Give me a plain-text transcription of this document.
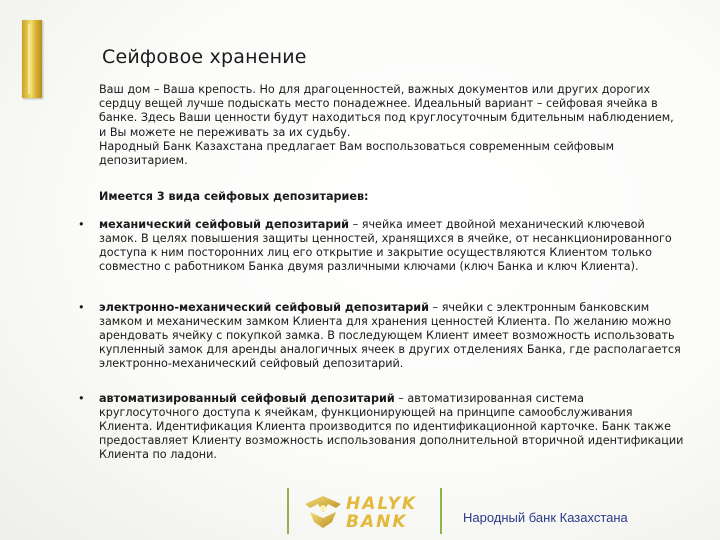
Сейфовое хранение

Ваш дом – Ваша крепость. Но для драгоценностей, важных документов или других дорогих сердцу вещей лучше подыскать место понадежнее. Идеальный вариант – сейфовая ячейка в банке. Здесь Ваши ценности будут находиться под круглосуточным бдительным наблюдением, и Вы можете не переживать за их судьбу.

Народный Банк Казахстана предлагает Вам воспользоваться современным сейфовым депозитарием.

Имеется 3 вида сейфовых депозитариев:
• механический сейфовый депозитарий – ячейка имеет двойной механический ключевой замок. В целях повышения защиты ценностей, хранящихся в ячейке, от несанкционированного доступа к ним посторонних лиц его открытие и закрытие осуществляются Клиентом только совместно с работником Банка двумя различными ключами (ключ Банка и ключ Клиента).
• электронно-механический сейфовый депозитарий – ячейки с электронным банковским замком и механическим замком Клиента для хранения ценностей Клиента. По желанию можно арендовать ячейку с покупкой замка. В последующем Клиент имеет возможность использовать купленный замок для аренды аналогичных ячеек в других отделениях Банка, где располагается электронно-механический сейфовый депозитарий.
• автоматизированный сейфовый депозитарий – автоматизированная система круглосуточного доступа к ячейкам, функционирующей на принципе самообслуживания Клиента. Идентификация Клиента производится по идентификационной карточке. Банк также предоставляет Клиенту возможность использования дополнительной вторичной идентификации Клиента по ладони.
HALYK
BANK	Народный банк Казахстана
